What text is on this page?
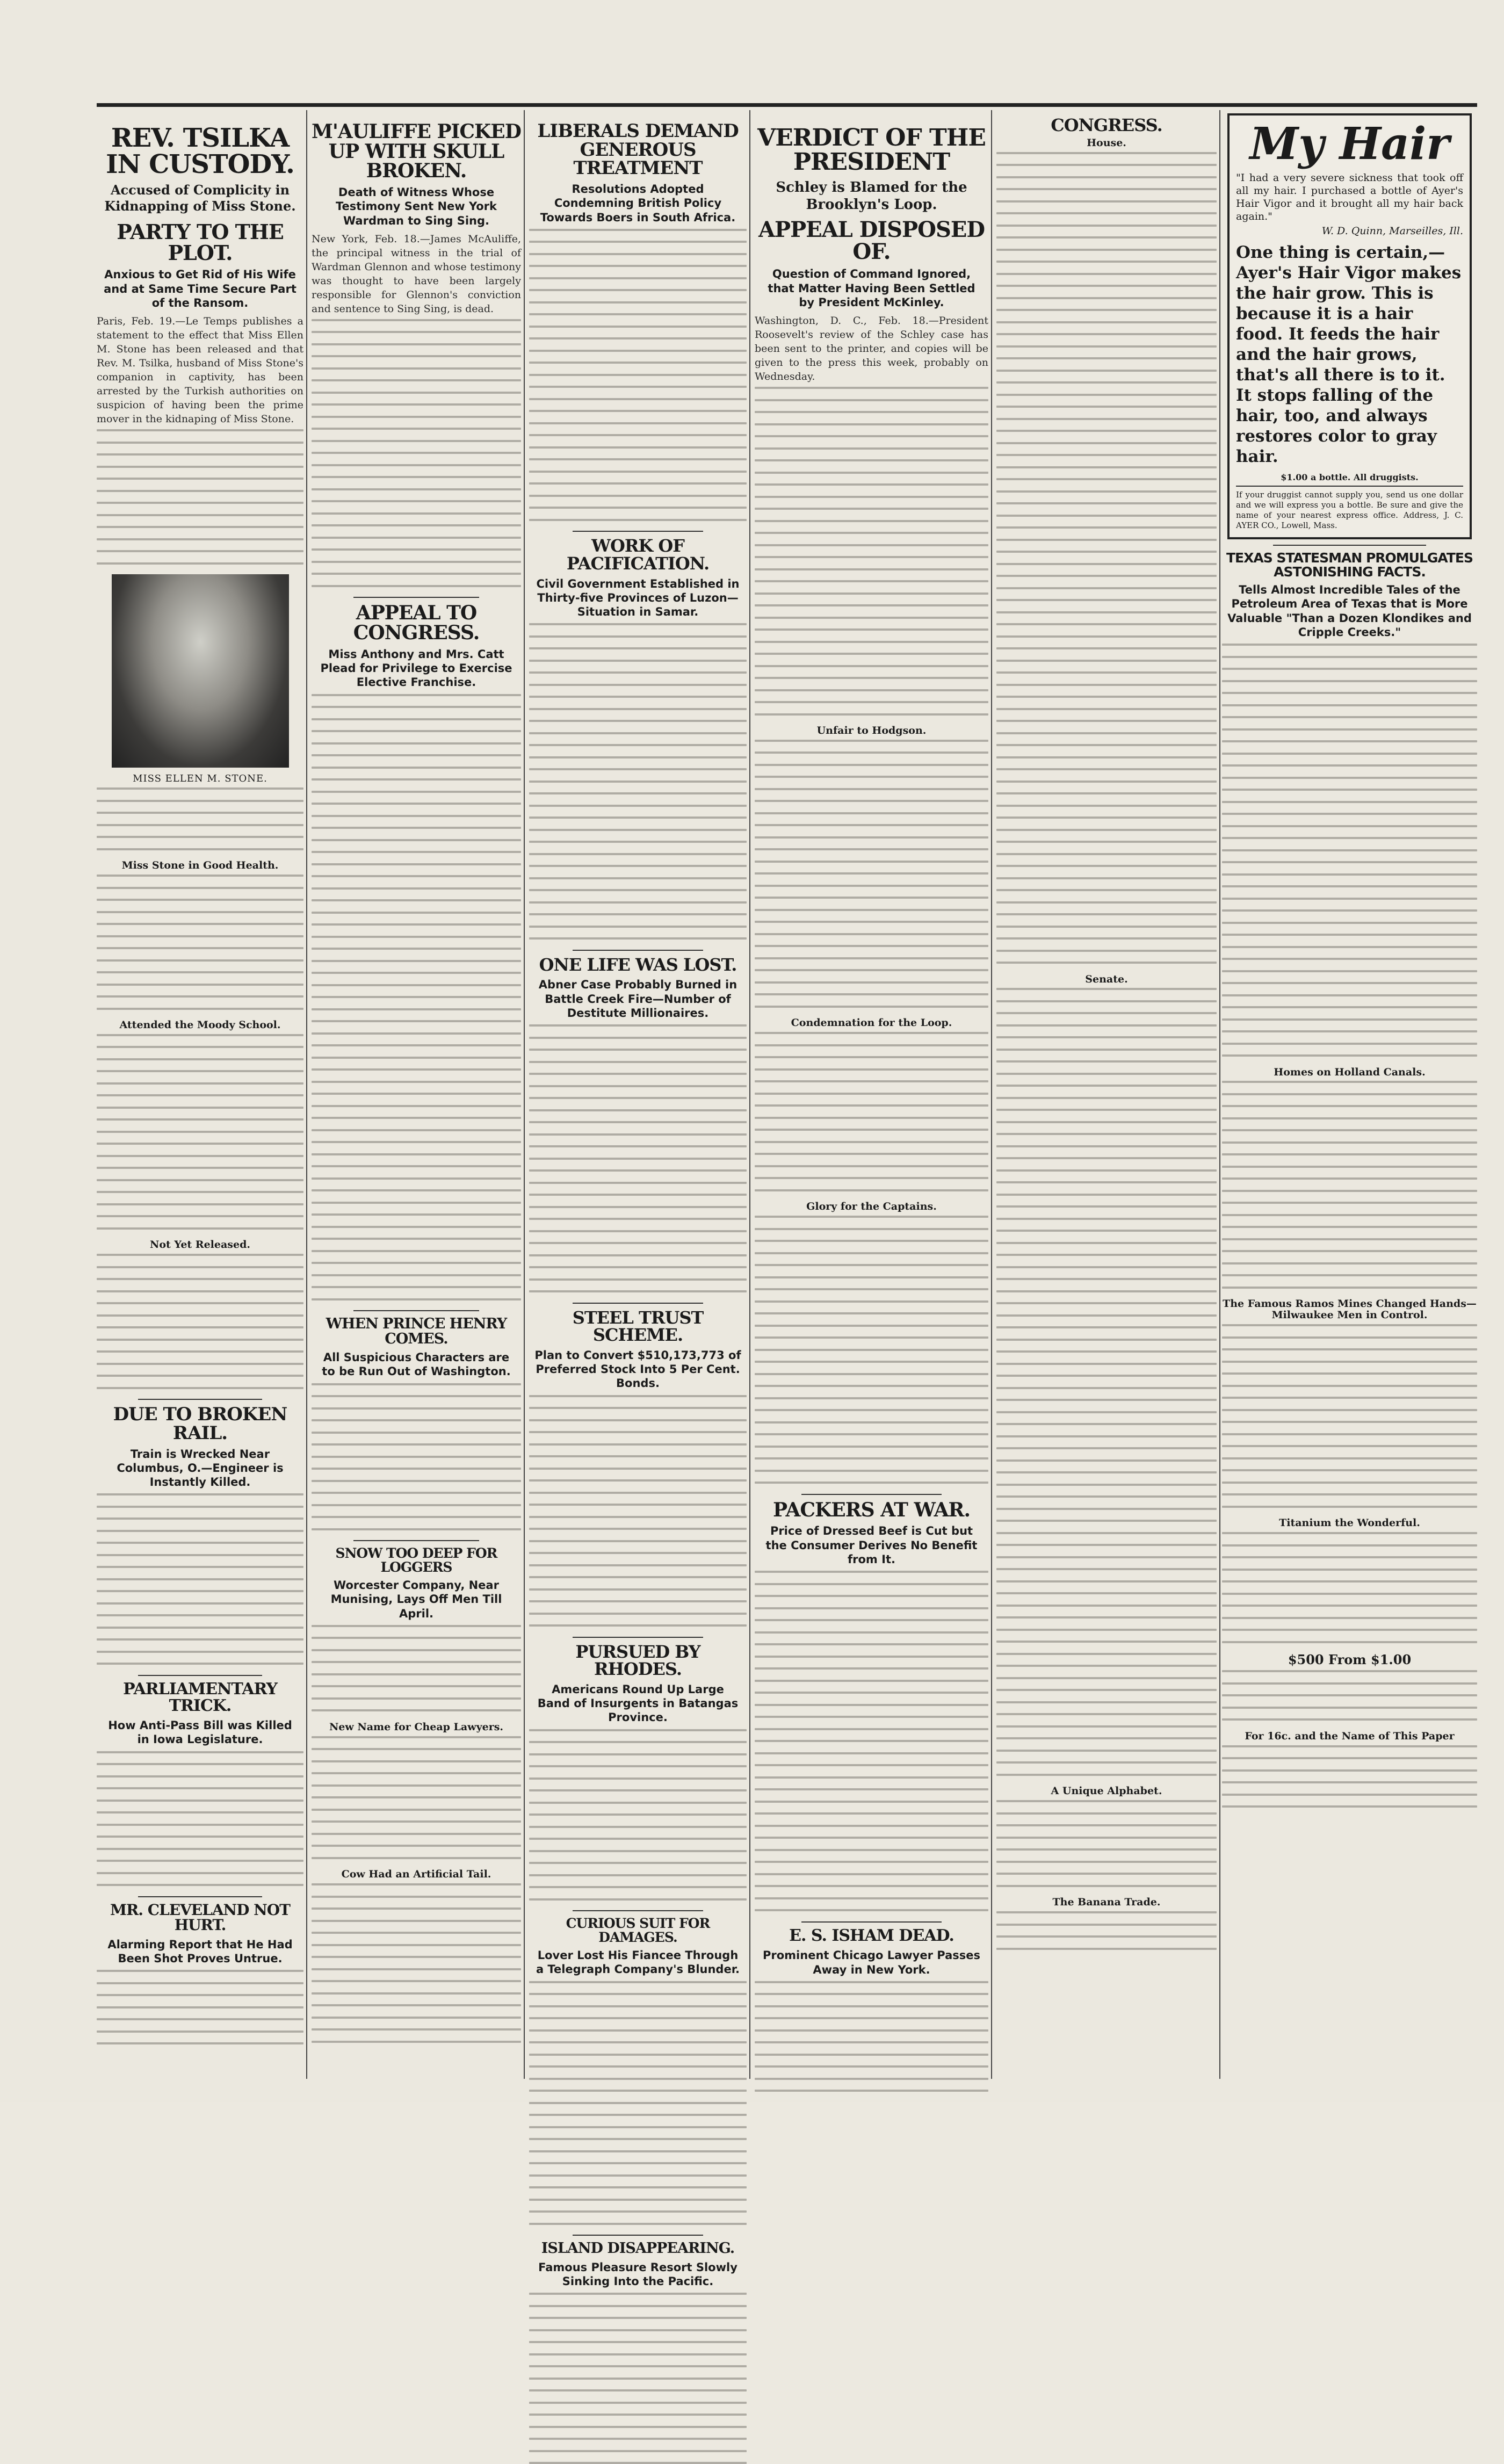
REV. TSILKA IN CUSTODY.
Accused of Complicity in Kidnapping of Miss Stone.
PARTY TO THE PLOT.
Anxious to Get Rid of His Wife and at Same Time Secure Part of the Ransom.
Paris, Feb. 19.—Le Temps publishes a statement to the effect that Miss Ellen M. Stone has been released and that Rev. M. Tsilka, husband of Miss Stone's companion in captivity, has been arrested by the Turkish authorities on suspicion of having been the prime mover in the kidnaping of Miss Stone.
MISS ELLEN M. STONE.
Miss Stone in Good Health.
Attended the Moody School.
Not Yet Released.
DUE TO BROKEN RAIL.
Train is Wrecked Near Columbus, O.—Engineer is Instantly Killed.
PARLIAMENTARY TRICK.
How Anti-Pass Bill was Killed in Iowa Legislature.
MR. CLEVELAND NOT HURT.
Alarming Report that He Had Been Shot Proves Untrue.
M'AULIFFE PICKED UP WITH SKULL BROKEN.
Death of Witness Whose Testimony Sent New York Wardman to Sing Sing.
New York, Feb. 18.—James McAuliffe, the principal witness in the trial of Wardman Glennon and whose testimony was thought to have been largely responsible for Glennon's conviction and sentence to Sing Sing, is dead.
APPEAL TO CONGRESS.
Miss Anthony and Mrs. Catt Plead for Privilege to Exercise Elective Franchise.
WHEN PRINCE HENRY COMES.
All Suspicious Characters are to be Run Out of Washington.
SNOW TOO DEEP FOR LOGGERS
Worcester Company, Near Munising, Lays Off Men Till April.
New Name for Cheap Lawyers.
Cow Had an Artificial Tail.
LIBERALS DEMAND GENEROUS TREATMENT
Resolutions Adopted Condemning British Policy Towards Boers in South Africa.
WORK OF PACIFICATION.
Civil Government Established in Thirty-five Provinces of Luzon—Situation in Samar.
ONE LIFE WAS LOST.
Abner Case Probably Burned in Battle Creek Fire—Number of Destitute Millionaires.
STEEL TRUST SCHEME.
Plan to Convert $510,173,773 of Preferred Stock Into 5 Per Cent. Bonds.
PURSUED BY RHODES.
Americans Round Up Large Band of Insurgents in Batangas Province.
CURIOUS SUIT FOR DAMAGES.
Lover Lost His Fiancee Through a Telegraph Company's Blunder.
ISLAND DISAPPEARING.
Famous Pleasure Resort Slowly Sinking Into the Pacific.
VERDICT OF THE PRESIDENT
Schley is Blamed for the Brooklyn's Loop.
APPEAL DISPOSED OF.
Question of Command Ignored, that Matter Having Been Settled by President McKinley.
Washington, D. C., Feb. 18.—President Roosevelt's review of the Schley case has been sent to the printer, and copies will be given to the press this week, probably on Wednesday.
Unfair to Hodgson.
Condemnation for the Loop.
Glory for the Captains.
PACKERS AT WAR.
Price of Dressed Beef is Cut but the Consumer Derives No Benefit from It.
E. S. ISHAM DEAD.
Prominent Chicago Lawyer Passes Away in New York.
CONGRESS.
House.
Senate.
A Unique Alphabet.
The Banana Trade.
My Hair
"I had a very severe sickness that took off all my hair. I purchased a bottle of Ayer's Hair Vigor and it brought all my hair back again."
W. D. Quinn, Marseilles, Ill.
One thing is certain,—Ayer's Hair Vigor makes the hair grow. This is because it is a hair food. It feeds the hair and the hair grows, that's all there is to it. It stops falling of the hair, too, and always restores color to gray hair.
$1.00 a bottle. All druggists.
If your druggist cannot supply you, send us one dollar and we will express you a bottle. Be sure and give the name of your nearest express office. Address, J. C. AYER CO., Lowell, Mass.
TEXAS STATESMAN PROMULGATES ASTONISHING FACTS.
Tells Almost Incredible Tales of the Petroleum Area of Texas that is More Valuable "Than a Dozen Klondikes and Cripple Creeks."
Homes on Holland Canals.
The Famous Ramos Mines Changed Hands—Milwaukee Men in Control.
Titanium the Wonderful.
$500 From $1.00
For 16c. and the Name of This Paper
